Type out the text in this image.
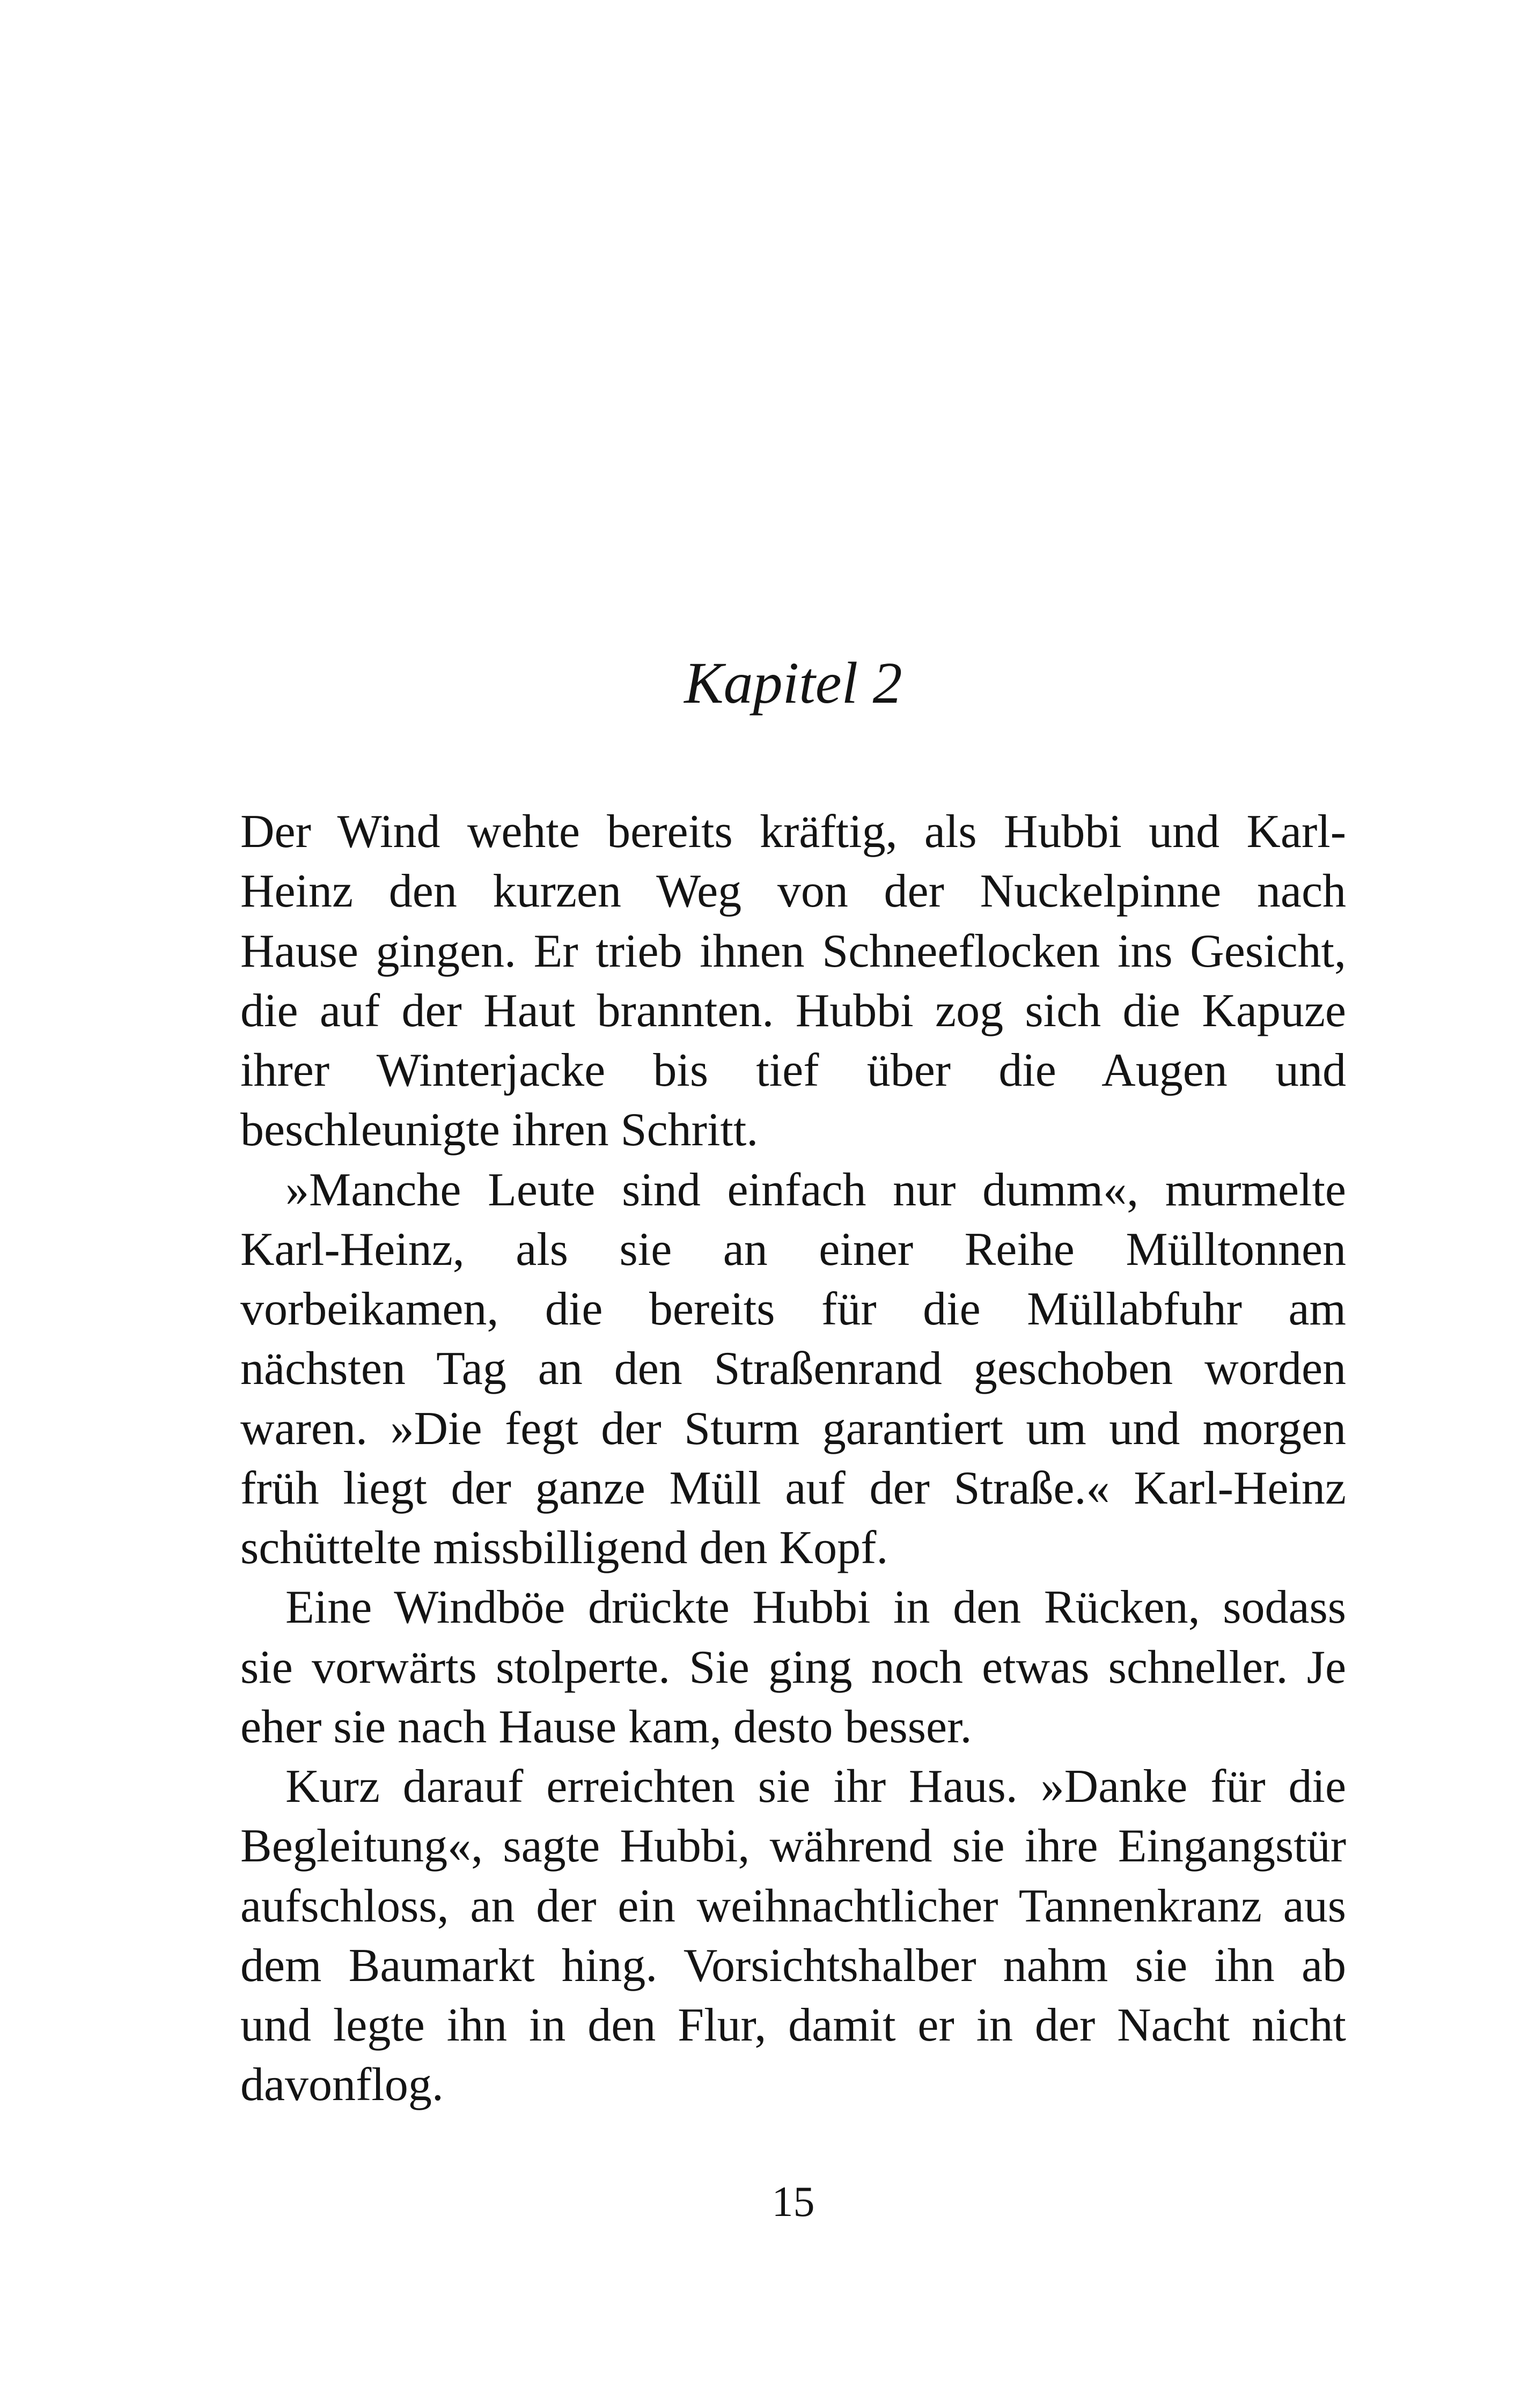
Kapitel 2
Der Wind wehte bereits kräftig, als Hubbi und Karl-
Heinz den kurzen Weg von der Nuckelpinne nach
Hause gingen. Er trieb ihnen Schneeflocken ins Gesicht,
die auf der Haut brannten. Hubbi zog sich die Kapuze
ihrer Winterjacke bis tief über die Augen und
beschleunigte ihren Schritt.
»Manche Leute sind einfach nur dumm«, murmelte
Karl-Heinz, als sie an einer Reihe Mülltonnen
vorbeikamen, die bereits für die Müllabfuhr am
nächsten Tag an den Straßenrand geschoben worden
waren. »Die fegt der Sturm garantiert um und morgen
früh liegt der ganze Müll auf der Straße.« Karl-Heinz
schüttelte missbilligend den Kopf.
Eine Windböe drückte Hubbi in den Rücken, sodass
sie vorwärts stolperte. Sie ging noch etwas schneller. Je
eher sie nach Hause kam, desto besser.
Kurz darauf erreichten sie ihr Haus. »Danke für die
Begleitung«, sagte Hubbi, während sie ihre Eingangstür
aufschloss, an der ein weihnachtlicher Tannenkranz aus
dem Baumarkt hing. Vorsichtshalber nahm sie ihn ab
und legte ihn in den Flur, damit er in der Nacht nicht
davonflog.
15
